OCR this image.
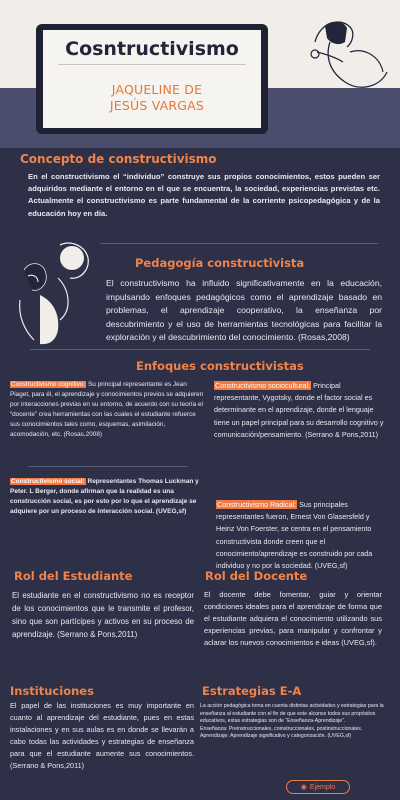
Cosntructivismo
JAQUELINE DE
JESÚS VARGAS
Concepto de constructivismo
En el constructivismo el “individuo” construye sus propios conocimientos, estos pueden ser adquiridos mediante el entorno en el que se encuentra, la sociedad, experiencias previstas etc. Actualmente el constructivismo es parte fundamental de la corriente psicopedagógica y de la educación hoy en día.
Pedagogía constructivista
El constructivismo ha influido significativamente en la educación, impulsando enfoques pedagógicos como el aprendizaje basado en problemas, el aprendizaje cooperativo, la enseñanza por descubrimiento y el uso de herramientas tecnológicas para facilitar la exploración y el descubrimiento del conocimiento. (Rosas,2008)
Enfoques constructivistas
Constructivismo cognitivo: Su principal representante es Jean Piaget, para él, el aprendizaje y conocimientos previos se adquieren por interacciones previas en su entorno, de acuerdo con su teoría el “docente” crea herramientas con las cuales el estudiante refuerce sus conocimientos tales como, esquemas, asimilación, acomodación, etc. (Rosas,2008)
Constructivismo sociocultural: Principal representante, Vygotsky, donde el factor social es determinante en el aprendizaje, donde el lenguaje tiene un papel principal para su desarrollo cognitivo y comunicación/pensamiento. (Serrano & Pons,2011)
Constructivismo social: Representantes Thomas Luckman y Peter. L Berger, donde afirman que la realidad es una construcción social, es por esto por lo que el aprendizaje se adquiere por un proceso de interacción social. (UVEG,sf)
Constructivismo Radical: Sus principales representantes fueron, Ernest Von Glasersfeld y Heinz Von Foerster, se centra en el pensamiento constructivista donde creen que el conocimiento/aprendizaje es construido por cada individuo y no por la sociedad. (UVEG,sf)
Rol del Estudiante
El estudiante en el constructivismo no es receptor de los conocimientos que le transmite el profesor, sino que son partícipes y activos en su proceso de aprendizaje. (Serrano & Pons,2011)
Rol del Docente
El docente debe fomentar, guiar y orientar condiciones ideales para el aprendizaje de forma que el estudiante adquiera el conocimiento utilizando sus experiencias previas, para manipular y confrontar y aclarar los nuevos conocimientos e ideas (UVEG,sf).
Instituciones
El papel de las instituciones es muy importante en cuanto al aprendizaje del estudiante, pues en estas instalaciones y en sus aulas es en donde se llevarán a cabo todas las actividades y estrategias de enseñanza para que el estudiante aumente sus conocimientos. (Serrano & Pons,2011)
Estrategias E-A
La acción pedagógica toma en cuenta distintas actividades y estrategias para la enseñanza al estudiante con el fin de que este alcance todos sus propósitos educativos, estas estrategias son de “Enseñanza-Aprendizaje”.
Enseñanza: Preinstruccionales, coinstruccionales, postinstruccionales.
Aprendizaje: Aprendizaje significativo y categorización. (UVEG,sf)
◉ Ejemplo
